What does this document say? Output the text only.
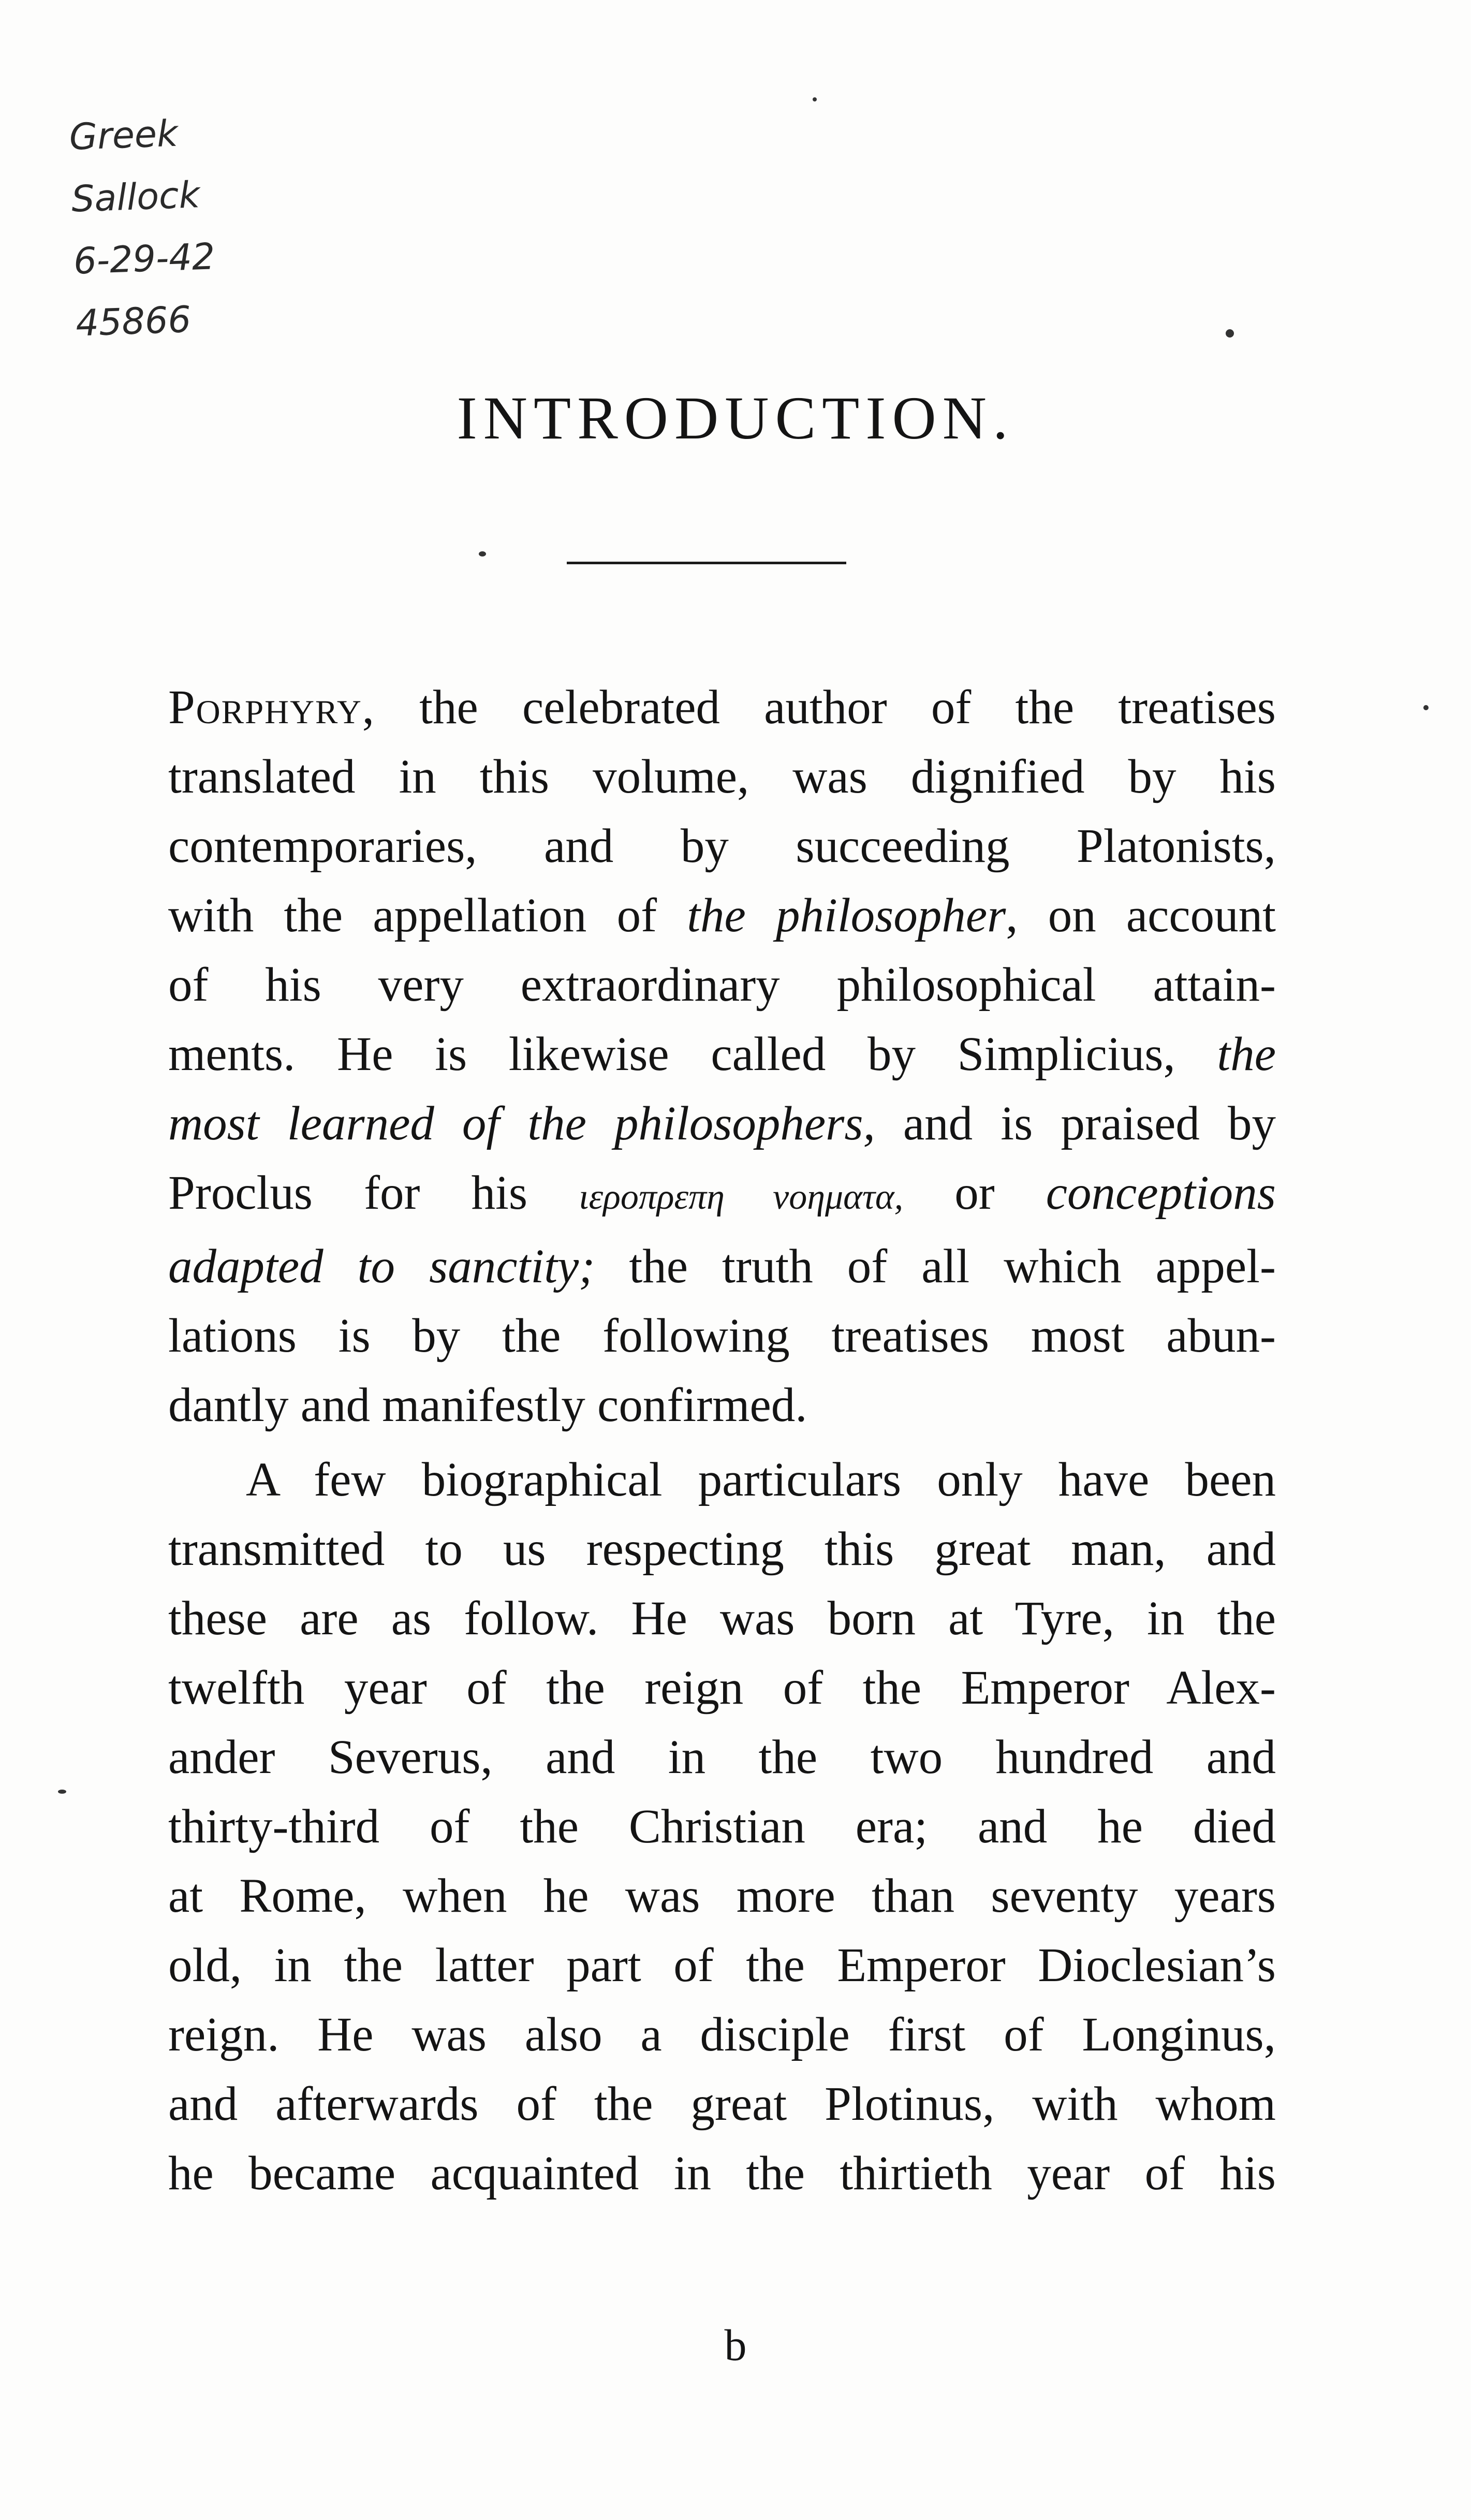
Greek
Sallock
6-29-42
45866
INTRODUCTION.
Porphyry, the celebrated author of the treatises
translated in this volume, was dignified by his
contemporaries, and by succeeding Platonists,
with the appellation of the philosopher, on account
of his very extraordinary philosophical attain-
ments. He is likewise called by Simplicius, the
most learned of the philosophers, and is praised by
Proclus for his ιεροπρεπη νοηματα, or conceptions
adapted to sanctity; the truth of all which appel-
lations is by the following treatises most abun-
dantly and manifestly confirmed.
A few biographical particulars only have been
transmitted to us respecting this great man, and
these are as follow. He was born at Tyre, in the
twelfth year of the reign of the Emperor Alex-
ander Severus, and in the two hundred and
thirty-third of the Christian era; and he died
at Rome, when he was more than seventy years
old, in the latter part of the Emperor Dioclesian’s
reign. He was also a disciple first of Longinus,
and afterwards of the great Plotinus, with whom
he became acquainted in the thirtieth year of his
b
